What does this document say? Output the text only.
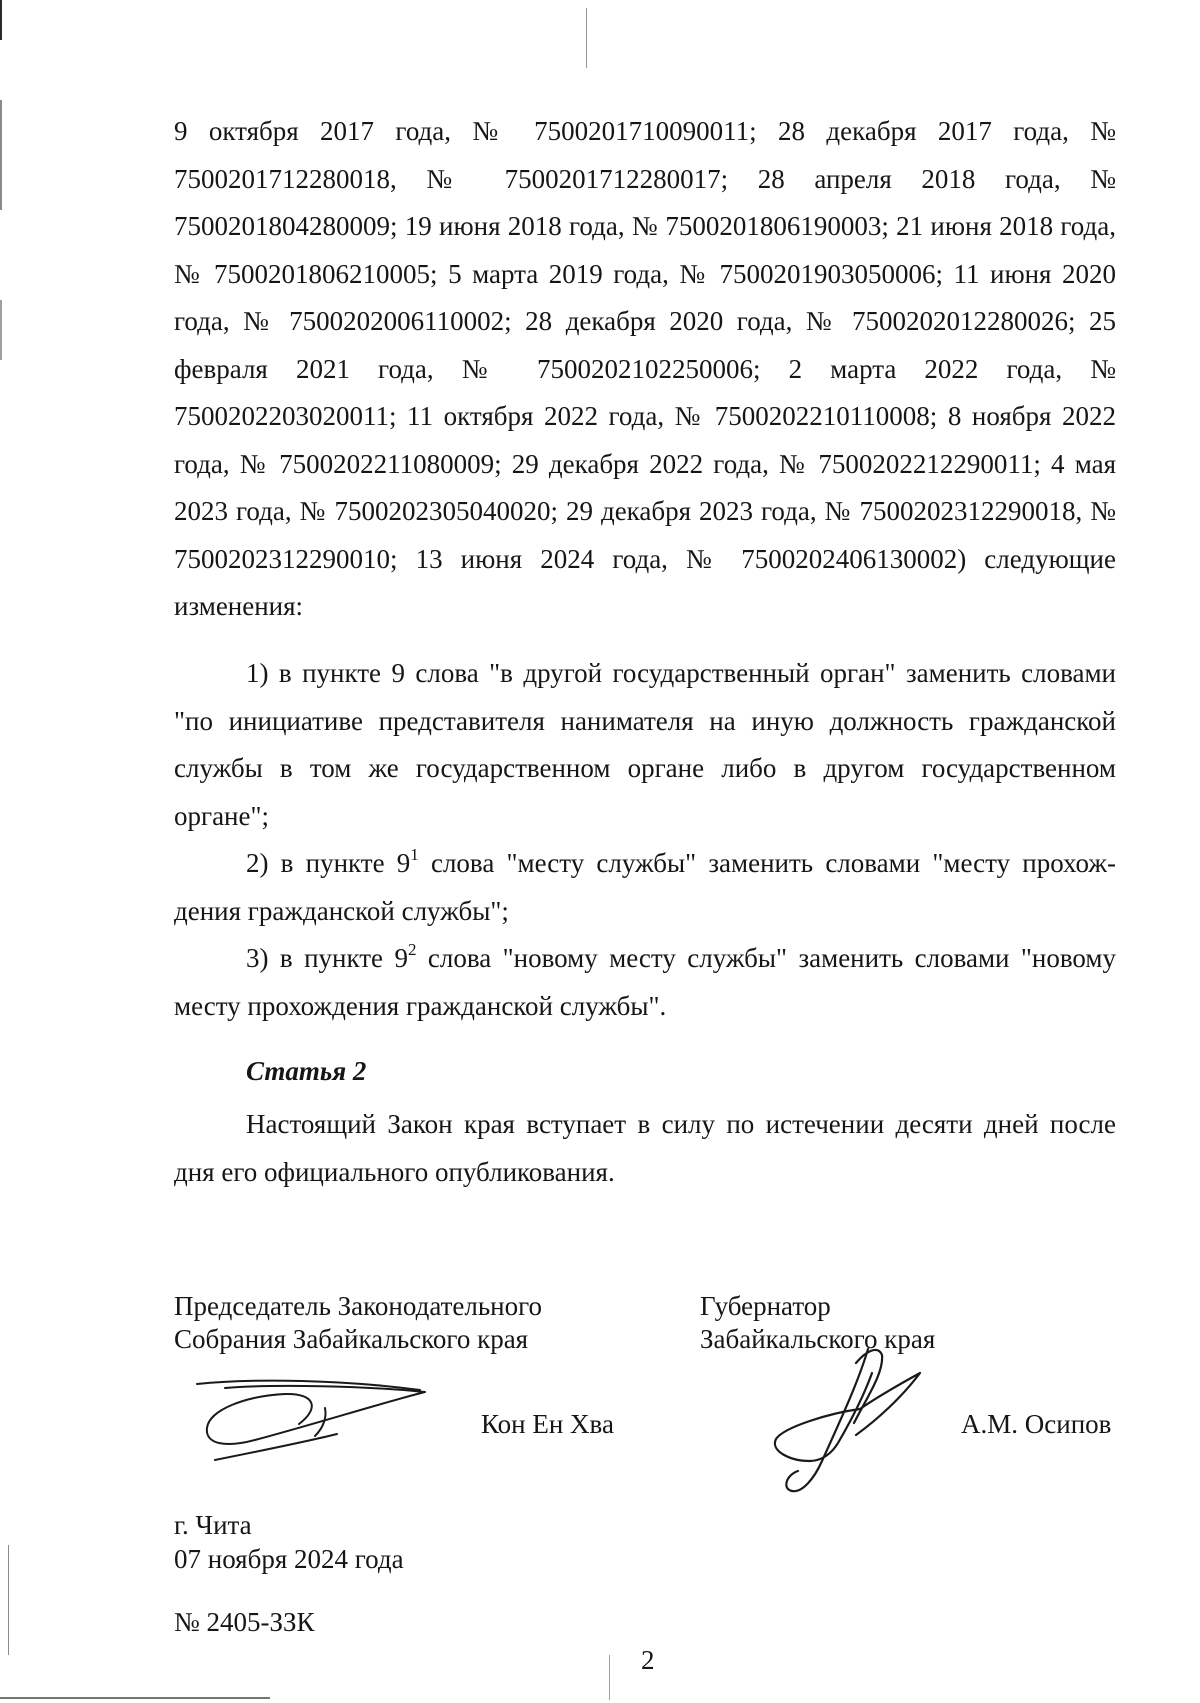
9 октября 2017 года, № 7500201710090011; 28 декабря 2017 года, № 7500201712280018, № 7500201712280017; 28 апреля 2018 года, № 7500201804280009; 19 июня 2018 года, № 7500201806190003; 21 июня 2018 года, № 7500201806210005; 5 марта 2019 года, № 7500201903050006; 11 июня 2020 года, № 7500202006110002; 28 декабря 2020 года, № 7500202012280026; 25 февраля 2021 года, № 7500202102250006; 2 марта 2022 года, № 7500202203020011; 11 октября 2022 года, № 7500202210110008; 8 ноября 2022 года, № 7500202211080009; 29 декабря 2022 года, № 7500202212290011; 4 мая 2023 года, № 7500202305040020; 29 декабря 2023 года, № 7500202312290018, № 7500202312290010; 13 июня 2024 года, № 7500202406130002) следующие изменения:

1) в пункте 9 слова "в другой государственный орган" заменить словами "по инициативе представителя нанимателя на иную должность гражданской службы в том же государственном органе либо в другом государственном органе";

2) в пункте $9^1$ слова "месту службы" заменить словами "месту прохождения гражданской службы";

3) в пункте $9^2$ слова "новому месту службы" заменить словами "новому месту прохождения гражданской службы".

Статья 2

Настоящий Закон края вступает в силу по истечении десяти дней после дня его официального опубликования.

Председатель Законодательного
Собрания Забайкальского края
Губернатор
Забайкальского края
Кон Ен Хва	А.М. Осипов
г. Чита
07 ноября 2024 года
№ 2405-ЗЗК
2
